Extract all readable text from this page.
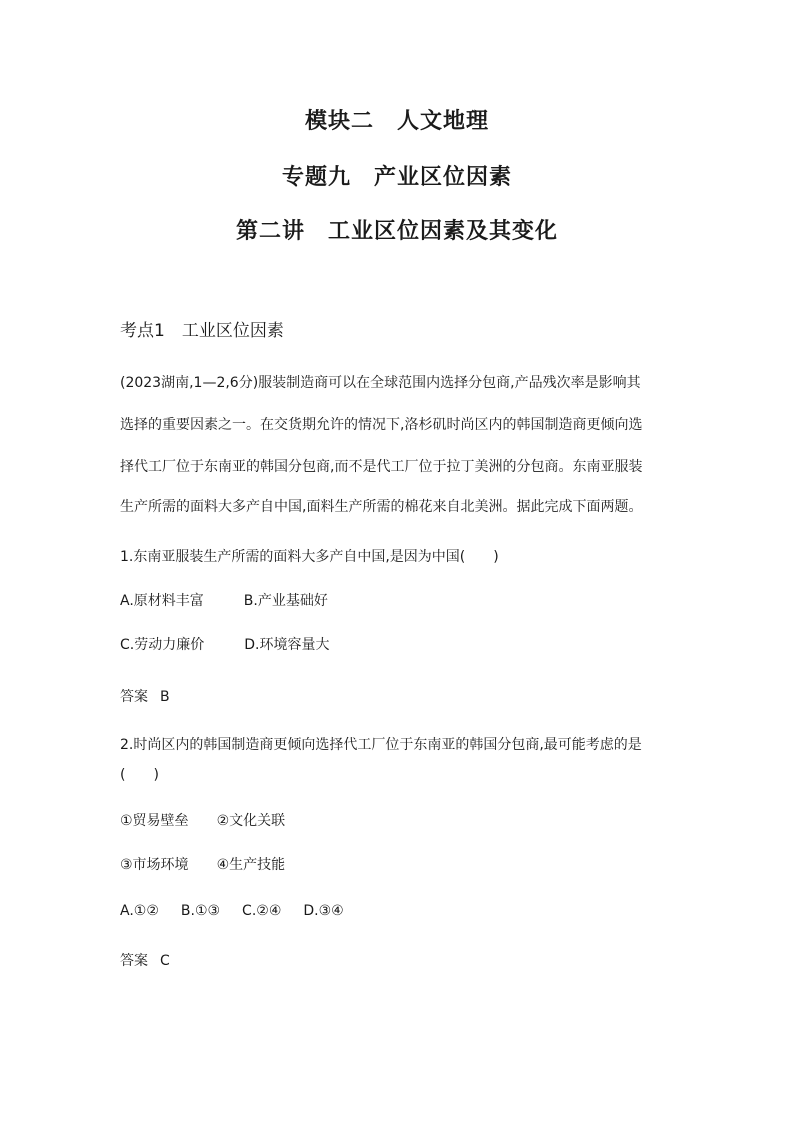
模块二　人文地理
专题九　产业区位因素
第二讲　工业区位因素及其变化
考点1　工业区位因素
(2023湖南,1—2,6分)服装制造商可以在全球范围内选择分包商,产品残次率是影响其
选择的重要因素之一。在交货期允许的情况下,洛杉矶时尚区内的韩国制造商更倾向选
择代工厂位于东南亚的韩国分包商,而不是代工厂位于拉丁美洲的分包商。东南亚服装
生产所需的面料大多产自中国,面料生产所需的棉花来自北美洲。据此完成下面两题。
1.东南亚服装生产所需的面料大多产自中国,是因为中国(　　)
A.原材料丰富	B.产业基础好
C.劳动力廉价	D.环境容量大
答案 B
2.时尚区内的韩国制造商更倾向选择代工厂位于东南亚的韩国分包商,最可能考虑的是
(　　)
①贸易壁垒 ②文化关联
③市场环境 ④生产技能
A.①② B.①③ C.②④ D.③④
答案 C
